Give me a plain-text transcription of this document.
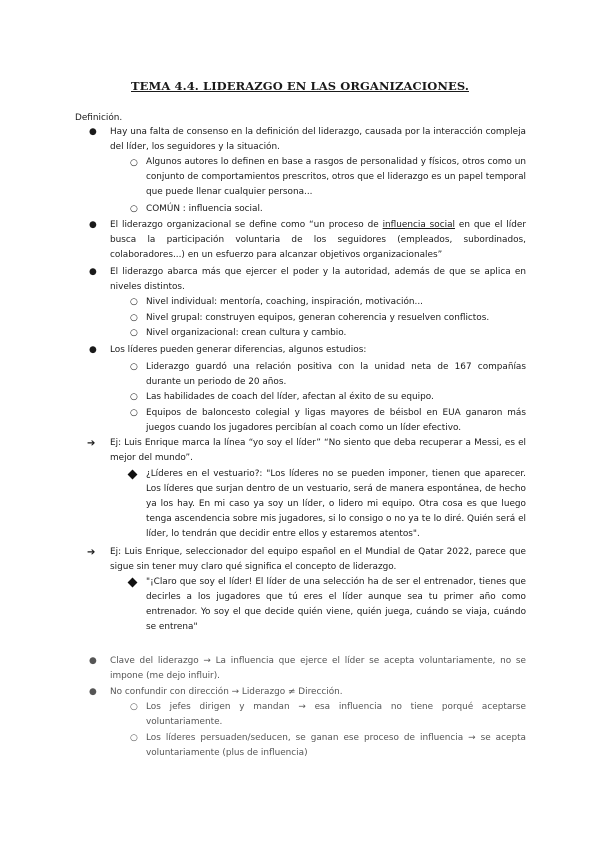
TEMA 4.4. LIDERAZGO EN LAS ORGANIZACIONES.
Definición.
● Hay una falta de consenso en la definición del liderazgo, causada por la interacción compleja del líder, los seguidores y la situación.
○ Algunos autores lo definen en base a rasgos de personalidad y físicos, otros como un conjunto de comportamientos prescritos, otros que el liderazgo es un papel temporal que puede llenar cualquier persona...
○ COMÚN : influencia social.
● El liderazgo organizacional se define como “un proceso de influencia social en que el líder busca la participación voluntaria de los seguidores (empleados, subordinados, colaboradores...) en un esfuerzo para alcanzar objetivos organizacionales”
● El liderazgo abarca más que ejercer el poder y la autoridad, además de que se aplica en niveles distintos.
○ Nivel individual: mentoría, coaching, inspiración, motivación...
○ Nivel grupal: construyen equipos, generan coherencia y resuelven conflictos.
○ Nivel organizacional: crean cultura y cambio.
● Los líderes pueden generar diferencias, algunos estudios:
○ Liderazgo guardó una relación positiva con la unidad neta de 167 compañías durante un periodo de 20 años.
○ Las habilidades de coach del líder, afectan al éxito de su equipo.
○ Equipos de baloncesto colegial y ligas mayores de béisbol en EUA ganaron más juegos cuando los jugadores percibían al coach como un líder efectivo.
➔ Ej: Luis Enrique marca la línea “yo soy el líder” “No siento que deba recuperar a Messi, es el mejor del mundo”.
¿Líderes en el vestuario?: "Los líderes no se pueden imponer, tienen que aparecer. Los líderes que surjan dentro de un vestuario, será de manera espontánea, de hecho ya los hay. En mi caso ya soy un líder, o lidero mi equipo. Otra cosa es que luego tenga ascendencia sobre mis jugadores, si lo consigo o no ya te lo diré. Quién será el líder, lo tendrán que decidir entre ellos y estaremos atentos".
➔ Ej: Luis Enrique, seleccionador del equipo español en el Mundial de Qatar 2022, parece que sigue sin tener muy claro qué significa el concepto de liderazgo.
"¡Claro que soy el líder! El líder de una selección ha de ser el entrenador, tienes que decirles a los jugadores que tú eres el líder aunque sea tu primer año como entrenador. Yo soy el que decide quién viene, quién juega, cuándo se viaja, cuándo se entrena"
● Clave del liderazgo → La influencia que ejerce el líder se acepta voluntariamente, no se impone (me dejo influir).
● No confundir con dirección → Liderazgo ≠ Dirección.
○ Los jefes dirigen y mandan → esa influencia no tiene porqué aceptarse voluntariamente.
○ Los líderes persuaden/seducen, se ganan ese proceso de influencia → se acepta voluntariamente (plus de influencia)
